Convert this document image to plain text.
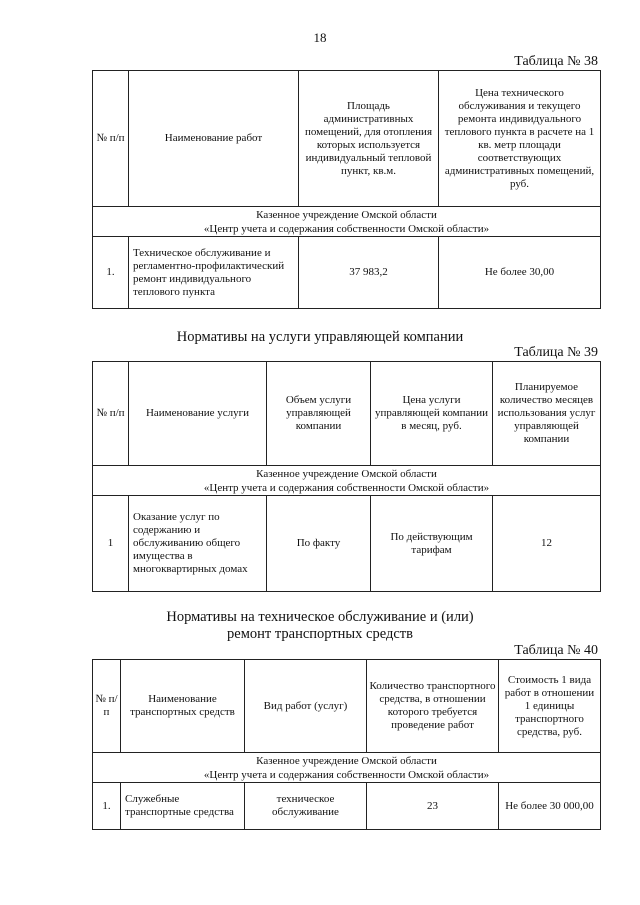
18
Таблица № 38
№ п/п	Наименование работ	Площадь административных помещений, для отопления которых используется индивидуальный тепловой пункт, кв.м.	Цена технического обслуживания и текущего ремонта индивидуального теплового пункта в расчете на 1 кв. метр площади соответствующих административных помещений, руб.

Казенное учреждение Омской области
«Центр учета и содержания собственности Омской области»			

1.	Техническое обслуживание и регламентно-профилактический ремонт индивидуального теплового пункта	37 983,2	Не более 30,00
Нормативы на услуги управляющей компании
Таблица № 39
№ п/п	Наименование услуги	Объем услуги управляющей компании	Цена услуги управляющей компании в месяц, руб.	Планируемое количество месяцев использования услуг управляющей компании

Казенное учреждение Омской области
«Центр учета и содержания собственности Омской области»				

1	Оказание услуг по содержанию и обслуживанию общего имущества в многоквартирных домах	По факту	По действующим тарифам	12
Нормативы на техническое обслуживание и (или)
ремонт транспортных средств
Таблица № 40
№ п/п	Наименование транспортных средств	Вид работ (услуг)	Количество транспортного средства, в отношении которого требуется проведение работ	Стоимость 1 вида работ в отношении 1 единицы транспортного средства, руб.

Казенное учреждение Омской области
«Центр учета и содержания собственности Омской области»				

1.	Служебные транспортные средства	техническое обслуживание	23	Не более 30 000,00
